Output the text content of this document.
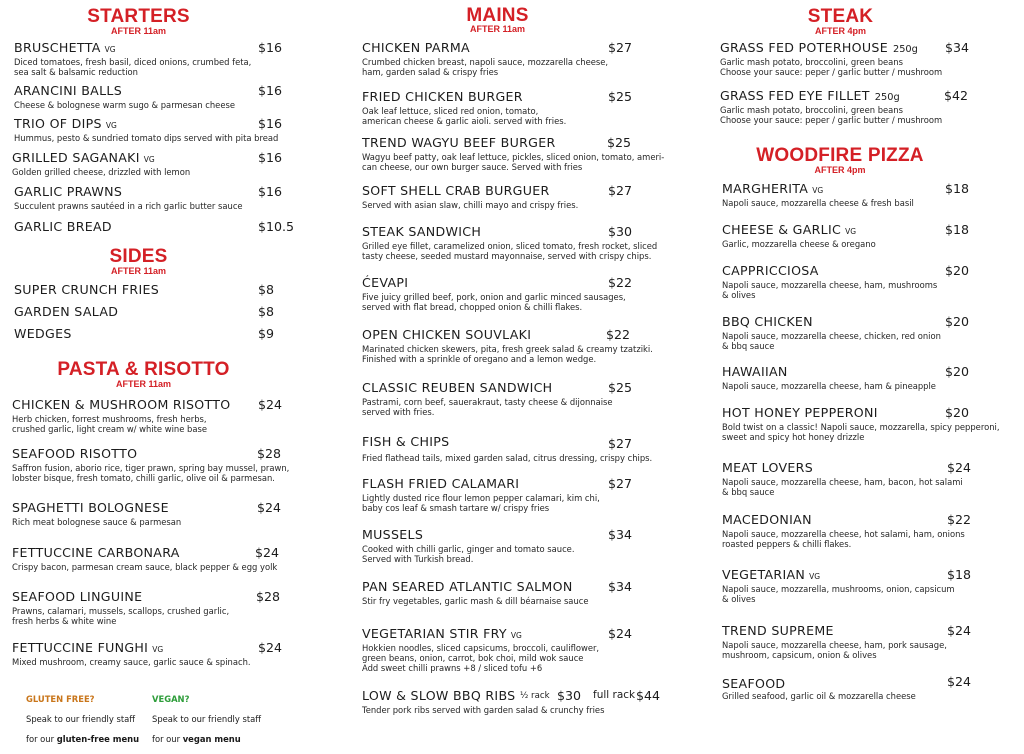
STARTERS
AFTER 11am
BRUSCHETTA VG	$16
Diced tomatoes, fresh basil, diced onions, crumbed feta,
sea salt & balsamic reduction
ARANCINI BALLS	$16
Cheese & bolognese warm sugo & parmesan cheese
TRIO OF DIPS VG	$16
Hummus, pesto & sundried tomato dips served with pita bread
GRILLED SAGANAKI VG	$16
Golden grilled cheese, drizzled with lemon
GARLIC PRAWNS	$16
Succulent prawns sautéed in a rich garlic butter sauce
GARLIC BREAD	$10.5
SIDES
AFTER 11am
SUPER CRUNCH FRIES	$8
GARDEN SALAD	$8
WEDGES	$9
PASTA & RISOTTO
AFTER 11am
CHICKEN & MUSHROOM RISOTTO $24
Herb chicken, forrest mushrooms, fresh herbs,
crushed garlic, light cream w/ white wine base
SEAFOOD RISOTTO	$28
Saffron fusion, aborio rice, tiger prawn, spring bay mussel, prawn,
lobster bisque, fresh tomato, chilli garlic, olive oil & parmesan.
SPAGHETTI BOLOGNESE	$24
Rich meat bolognese sauce & parmesan
FETTUCCINE CARBONARA	$24
Crispy bacon, parmesan cream sauce, black pepper & egg yolk
SEAFOOD LINGUINE	$28
Prawns, calamari, mussels, scallops, crushed garlic,
fresh herbs & white wine
FETTUCCINE FUNGHI VG	$24
Mixed mushroom, creamy sauce, garlic sauce & spinach.

GLUTEN FREE?

Speak to our friendly staff

for our gluten-free menu

VEGAN?

Speak to our friendly staff

for our vegan menu

MAINS
AFTER 11am
CHICKEN PARMA	$27
Crumbed chicken breast, napoli sauce, mozzarella cheese,
ham, garden salad & crispy fries
FRIED CHICKEN BURGER	$25
Oak leaf lettuce, sliced red onion, tomato,
american cheese & garlic aioli. served with fries.
TREND WAGYU BEEF BURGER	$25
Wagyu beef patty, oak leaf lettuce, pickles, sliced onion, tomato, ameri-
can cheese, our own burger sauce. Served with fries
SOFT SHELL CRAB BURGUER	$27
Served with asian slaw, chilli mayo and crispy fries.
STEAK SANDWICH	$30
Grilled eye fillet, caramelized onion, sliced tomato, fresh rocket, sliced
tasty cheese, seeded mustard mayonnaise, served with crispy chips.
ĆEVAPI	$22
Five juicy grilled beef, pork, onion and garlic minced sausages,
served with flat bread, chopped onion & chilli flakes.
OPEN CHICKEN SOUVLAKI	$22
Marinated chicken skewers, pita, fresh greek salad & creamy tzatziki.
Finished with a sprinkle of oregano and a lemon wedge.
CLASSIC REUBEN SANDWICH	$25
Pastrami, corn beef, sauerakraut, tasty cheese & dijonnaise
served with fries.
FISH & CHIPS	$27
Fried flathead tails, mixed garden salad, citrus dressing, crispy chips.
FLASH FRIED CALAMARI	$27
Lightly dusted rice flour lemon pepper calamari, kim chi,
baby cos leaf & smash tartare w/ crispy fries
MUSSELS	$34
Cooked with chilli garlic, ginger and tomato sauce.
Served with Turkish bread.
PAN SEARED ATLANTIC SALMON	$34
Stir fry vegetables, garlic mash & dill béarnaise sauce
VEGETARIAN STIR FRY VG	$24
Hokkien noodles, sliced capsicums, broccoli, cauliflower,
green beans, onion, carrot, bok choi, mild wok sauce
Add sweet chilli prawns +8 / sliced tofu +6
LOW & SLOW BBQ RIBS ½ rack $30 full rack $44
Tender pork ribs served with garden salad & crunchy fries
STEAK
AFTER 4pm
GRASS FED POTERHOUSE 250g $34
Garlic mash potato, broccolini, green beans
Choose your sauce: peper / garlic butter / mushroom
GRASS FED EYE FILLET 250g	$42
Garlic mash potato, broccolini, green beans
Choose your sauce: peper / garlic butter / mushroom
WOODFIRE PIZZA
AFTER 4pm
MARGHERITA VG	$18
Napoli sauce, mozzarella cheese & fresh basil
CHEESE & GARLIC VG	$18
Garlic, mozzarella cheese & oregano
CAPPRICCIOSA	$20
Napoli sauce, mozzarella cheese, ham, mushrooms
& olives
BBQ CHICKEN	$20
Napoli sauce, mozzarella cheese, chicken, red onion
& bbq sauce
HAWAIIAN	$20
Napoli sauce, mozzarella cheese, ham & pineapple
HOT HONEY PEPPERONI	$20
Bold twist on a classic! Napoli sauce, mozzarella, spicy pepperoni,
sweet and spicy hot honey drizzle
MEAT LOVERS	$24
Napoli sauce, mozzarella cheese, ham, bacon, hot salami
& bbq sauce
MACEDONIAN	$22
Napoli sauce, mozzarella cheese, hot salami, ham, onions
roasted peppers & chilli flakes.
VEGETARIAN VG	$18
Napoli sauce, mozzarella, mushrooms, onion, capsicum
& olives
TREND SUPREME	$24
Napoli sauce, mozzarella cheese, ham, pork sausage,
mushroom, capsicum, onion & olives
SEAFOOD	$24
Grilled seafood, garlic oil & mozzarella cheese
